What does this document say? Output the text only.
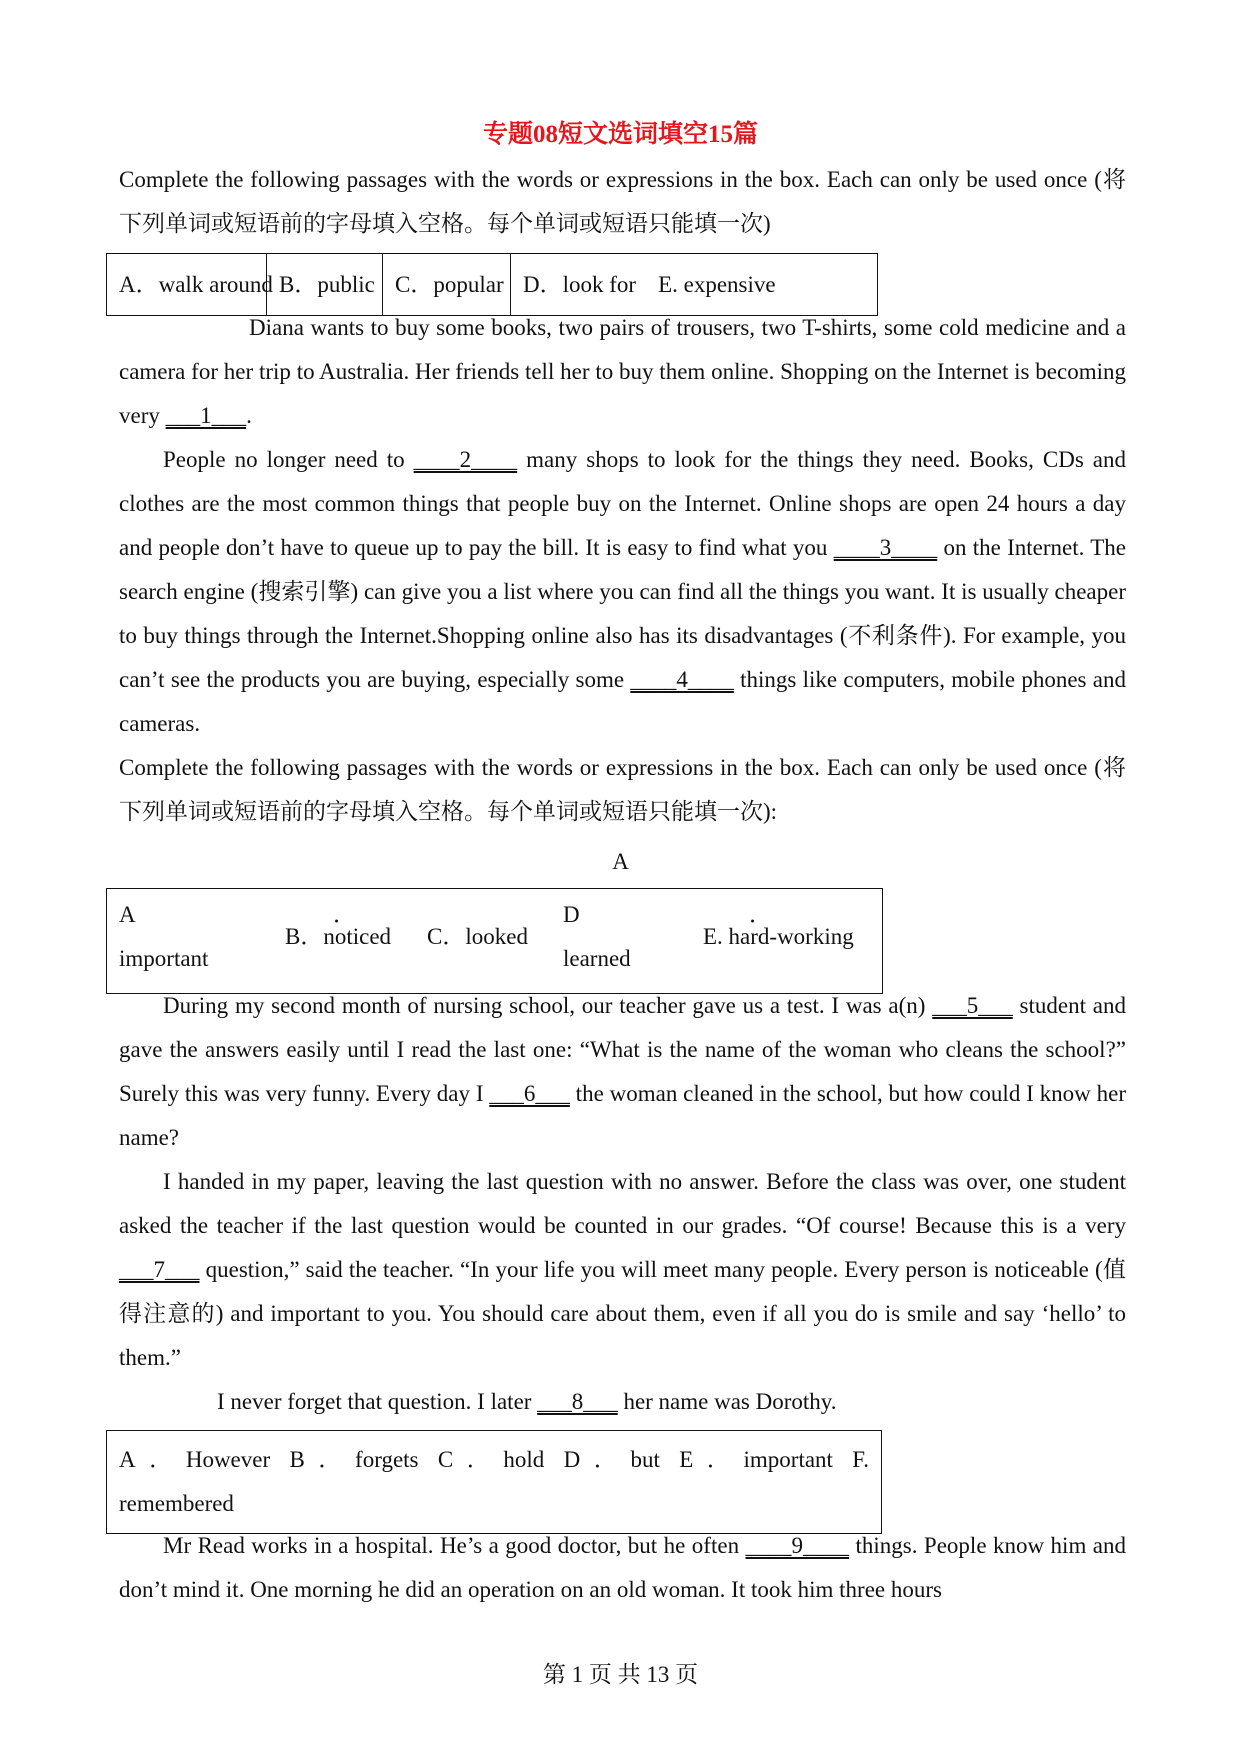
专题08短文选词填空15篇

Complete the following passages with the words or expressions in the box. Each can only be used once (将下列单词或短语前的字母填入空格。每个单词或短语只能填一次)

A．walk around B．public C．popular D．look for E. expensive

Diana wants to buy some books, two pairs of trousers, two T-shirts, some cold medicine and a camera for her trip to Australia. Her friends tell her to buy them online. Shopping on the Internet is becoming very ___1___.

People no longer need to ____2____ many shops to look for the things they need. Books, CDs and clothes are the most common things that people buy on the Internet. Online shops are open 24 hours a day and people don’t have to queue up to pay the bill. It is easy to find what you ____3____ on the Internet. The search engine (搜索引擎) can give you a list where you can find all the things you want. It is usually cheaper to buy things through the Internet.Shopping online also has its disadvantages (不利条件). For example, you can’t see the products you are buying, especially some ____4____ things like computers, mobile phones and cameras.

Complete the following passages with the words or expressions in the box. Each can only be used once (将下列单词或短语前的字母填入空格。每个单词或短语只能填一次):

A
A	．
important
B．noticed C．looked
D	．
learned
E. hard-working

During my second month of nursing school, our teacher gave us a test. I was a(n) ___5___ student and gave the answers easily until I read the last one: “What is the name of the woman who cleans the school?” Surely this was very funny. Every day I ___6___ the woman cleaned in the school, but how could I know her name?

I handed in my paper, leaving the last question with no answer. Before the class was over, one student asked the teacher if the last question would be counted in our grades. “Of course! Because this is a very ___7___ question,” said the teacher. “In your life you will meet many people. Every person is noticeable (值得注意的) and important to you. You should care about them, even if all you do is smile and say ‘hello’ to them.”

I never forget that question. I later ___8___ her name was Dorothy.

A．However B．forgets C．hold D．but E．important F.
remembered

Mr Read works in a hospital. He’s a good doctor, but he often ____9____ things. People know him and don’t mind it. One morning he did an operation on an old woman. It took him three hours

第 1 页 共 13 页
